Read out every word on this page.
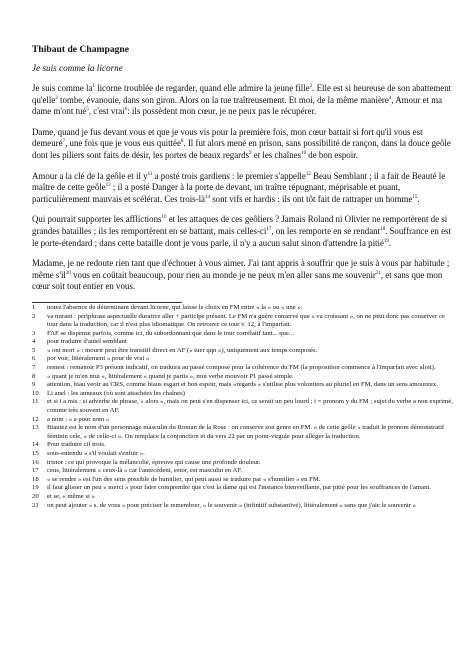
Thibaut de Champagne
Je suis comme la licorne

Je suis comme $la^1$ licorne troublée de regarder, quand elle admire la jeune fille$^2$. Elle est si heureuse de son abattement qu'elle$^3$ tombe, évanouie, dans son giron. Alors on la tue traîtreusement. Et moi, de la même manière$^4$, Amour et ma dame m'ont tué$^5$, c'est vrai$^6$: ils possèdent mon cœur, je ne peux pas le récupérer.

Dame, quand je fus devant vous et que je vous vis pour la première fois, mon cœur battait si fort qu'il vous est demeuré$^7$, une fois que je vous eus quittée$^8$. Il fut alors mené en prison, sans possibilité de rançon, dans la douce geôle dont les piliers sont faits de désir, les portes de beaux regards$^9$ et les chaînes$^{10}$ de bon espoir.

Amour a la clé de la geôle et il $y^{11}$ a posté trois gardiens : le premier s'appelle$^{12}$ Beau Semblant ; il a fait de Beauté le maître de cette geôle$^{13}$ ; il a posté Danger à la porte de devant, un traître répugnant, méprisable et puant, particulièrement mauvais et scélérat. Ces trois-$là^{14}$ sont vifs et hardis : ils ont tôt fait de rattraper un homme$^{15}$.

Qui pourrait supporter les afflictions$^{16}$ et les attaques de ces geôliers ? Jamais Roland ni Olivier ne remportèrent de si grandes batailles ; ils les remportèrent en se battant, mais celles-$ci^{17}$, on les remporte en se rendant$^{18}$. Souffrance en est le porte-étendard ; dans cette bataille dont je vous parle, il n'y a aucun salut sinon d'attendre la pitié$^{19}$.

Madame, je ne redoute rien tant que d'échouer à vous aimer. J'ai tant appris à souffrir que je suis à vous par habitude ; même $s'il^{20}$ vous en coûtait beaucoup, pour rien au monde je ne peux m'en aller sans me souvenir$^{21}$, et sans que mon cœur soit tout entier en vous.

1	notez l'absence de déterminant devant licorne, qui laisse le choix en FM entre « la » ou « une ».
2	va mirant : périphrase aspectuelle durative aller + participe présent. Le FM n'a guère conservé que « va croissant », on ne peut donc pas conserver ce tour dans la traduction, car il n'est plus idiomatique. On retrouve ce tour v. 12, à l'imparfait.
3	FAF se dispense parfois, comme ici, du subordonnant que dans le tour corrélatif tant... que...
4	pour traduire d'autel semblant
5	« ont mort » : mourir peut être transitif direct en AF (« tuer qqn »), uniquement aux temps composés.
6	por voir, littéralement « pour de vrai »
7	remest : remanoir P3 présent indicatif, on traduira au passé composé pour la cohérence du FM (la proposition commence à l'imparfait avec aloit).
8	« quant je m'en mui », littéralement « quand je partis », mui verbe mouvoir P1 passé simple.
9	attention, biau veoir au CRS, comme biaus esgart et bon espoir, mais «regards » s'utilise plus volontiers au pluriel en FM, dans un sens amoureux.
10	Li anel : les anneaux (où sont attachées les chaînes)
11	et si i a mis : si adverbe de phrase, « alors », mais on peut s'en dispenser ici, ce serait un peu lourd ; i = pronom y du FM ; sujet du verbe a non exprimé, comme très souvent en AF.
12	a nom : « a pour nom »
13	Biautez est le nom d'un personnage masculin du Roman de la Rose : on conserve son genre en FM. « de cette geôle » traduit le pronom démonstratif féminin cele, « de celle-ci ». On remplace la conjonction et du vers 22 par un point-virgule pour alléger la traduction.
14	Pour traduire cil trois.
15	sous-entendu « s'il voulait s'enfuir ».
16	tristor : ce qui provoque la mélancolie, épreuve qui cause une profonde douleur.
17	ceus, littéralement « ceux-là » car l'antécédent, estor, est masculin en AF.
18	« se rendre » est l'un des sens possible de humilier, qui peut aussi se traduire par « s'humilier » en FM.
19	il faut glisser un peu « merci » pour faire comprendre que c'est la dame qui est l'instance bienveillante, par pitié pour les souffrances de l'amant.
20	et se, « même si »
21	on peut ajouter « s. de vous » pour préciser le remembrer, « le souvenir » (infinitif substantivé), littéralement « sans que j'aie le souvenir »
